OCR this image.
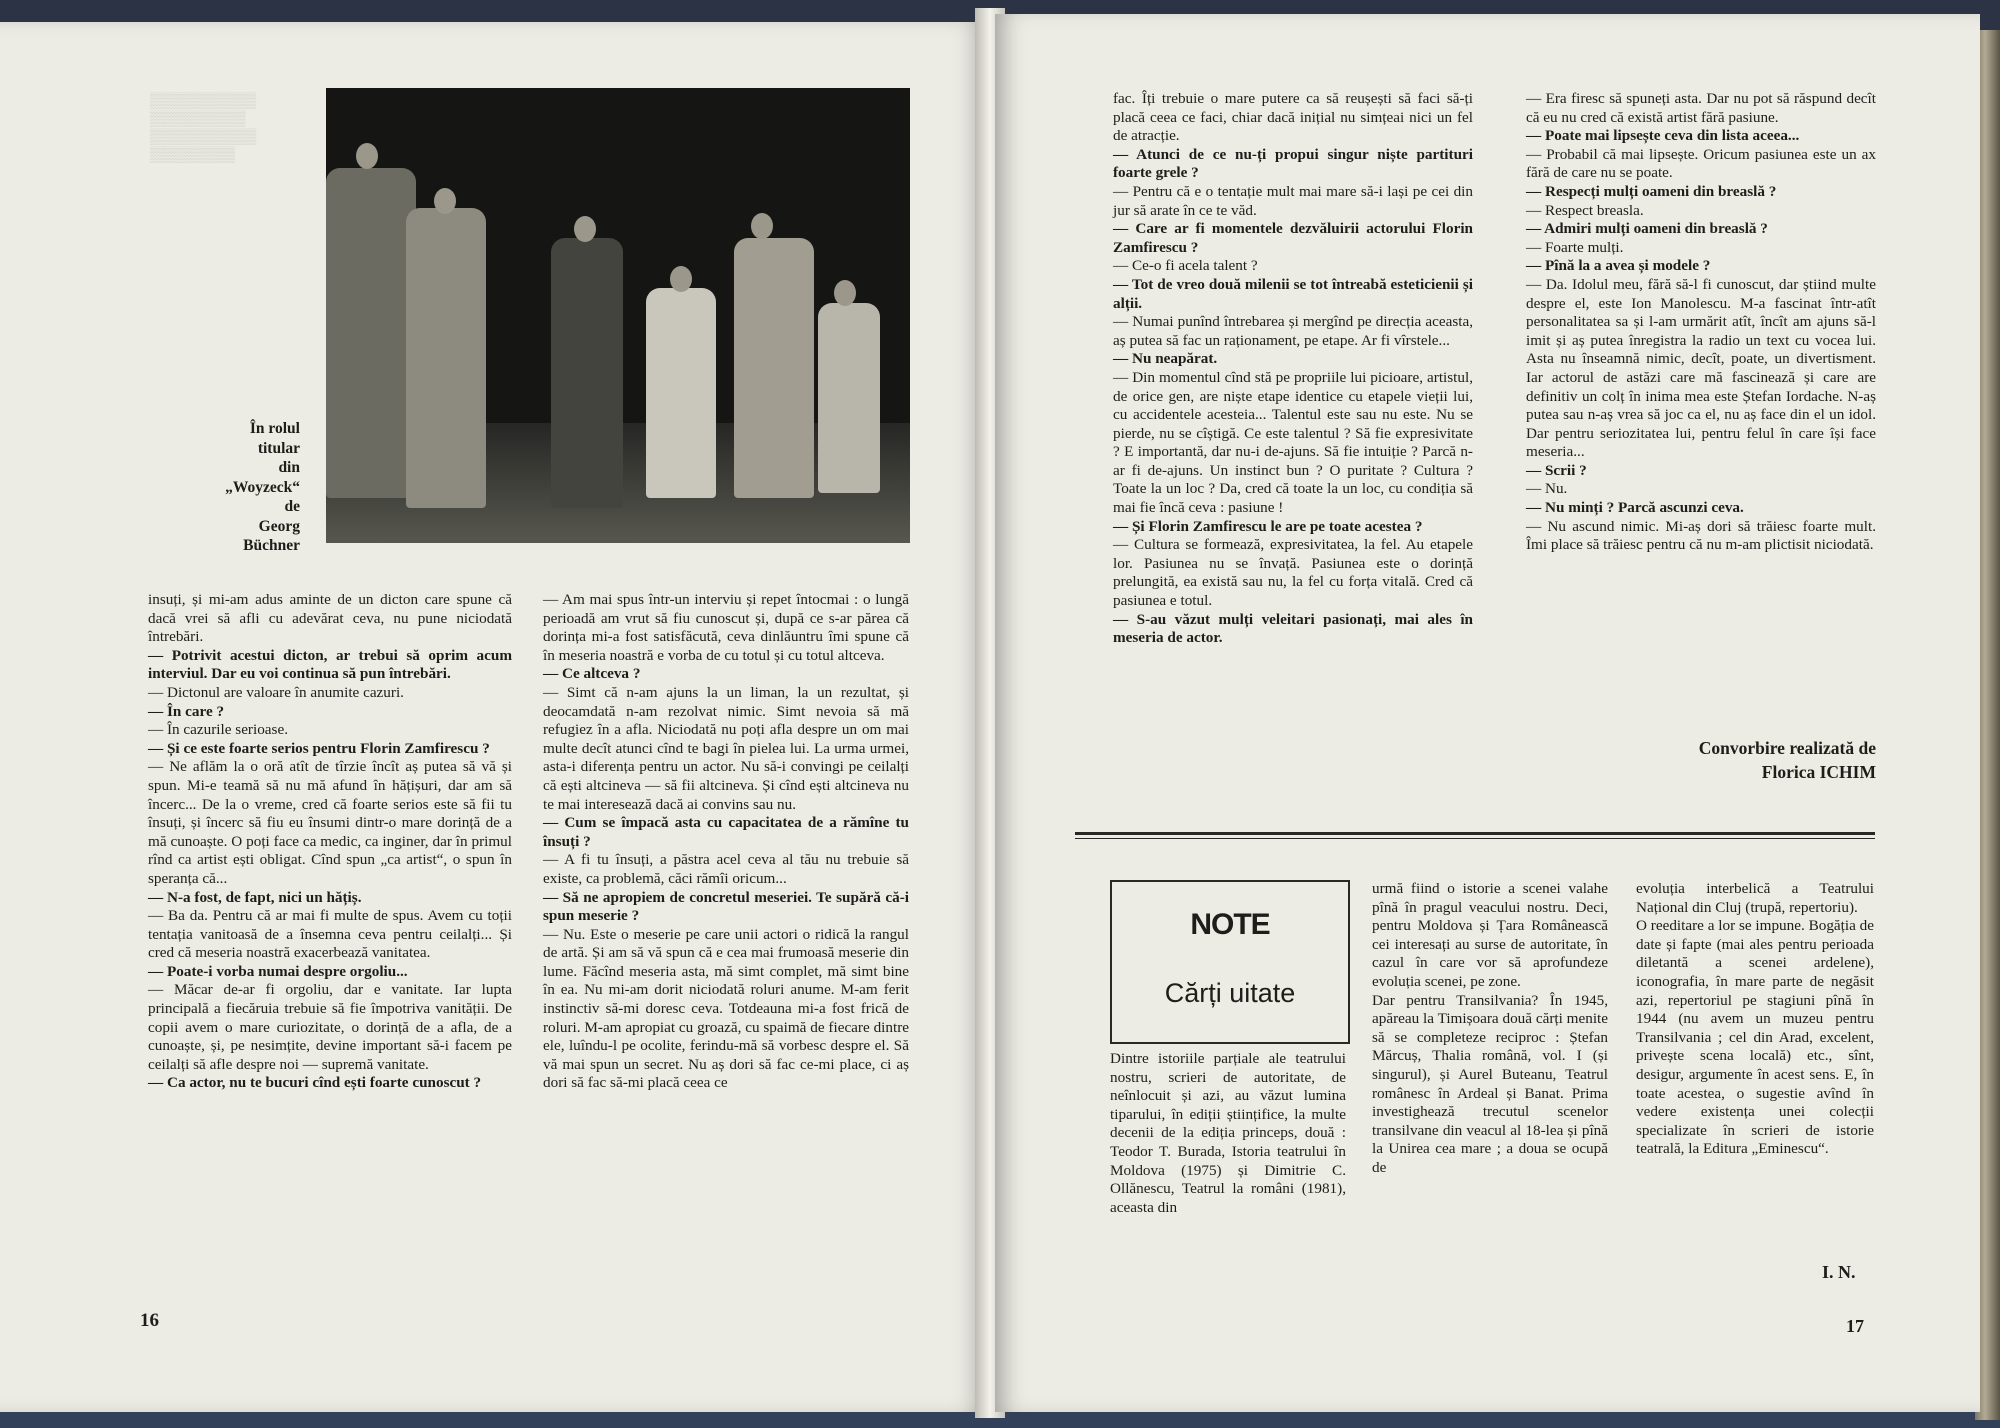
▒▒▒▒▒▒▒▒▒▒
▒▒▒▒▒▒▒▒▒
▒▒▒▒▒▒▒▒▒▒
▒▒▒▒▒▒▒▒
În rolul
titular
din
„Woyzeck“
de
Georg
Büchner

insuți, și mi-am adus aminte de un dicton care spune că dacă vrei să afli cu adevărat ceva, nu pune niciodată întrebări.

— Potrivit acestui dicton, ar trebui să oprim acum interviul. Dar eu voi continua să pun întrebări.

— Dictonul are valoare în anumite cazuri.

— În care ?

— În cazurile serioase.

— Și ce este foarte serios pentru Florin Zamfirescu ?

— Ne aflăm la o oră atît de tîrzie încît aș putea să vă și spun. Mi-e teamă să nu mă afund în hățișuri, dar am să încerc... De la o vreme, cred că foarte serios este să fii tu însuți, și încerc să fiu eu însumi dintr-o mare dorință de a mă cunoaște. O poți face ca medic, ca inginer, dar în primul rînd ca artist ești obligat. Cînd spun „ca artist“, o spun în speranța că...

— N-a fost, de fapt, nici un hățiș.

— Ba da. Pentru că ar mai fi multe de spus. Avem cu toții tentația vanitoasă de a însemna ceva pentru ceilalți... Și cred că meseria noastră exacerbează vanitatea.

— Poate-i vorba numai despre orgoliu...

— Măcar de-ar fi orgoliu, dar e vanitate. Iar lupta principală a fiecăruia trebuie să fie împotriva vanității. De copii avem o mare curiozitate, o dorință de a afla, de a cunoaște, și, pe nesimțite, devine important să-i facem pe ceilalți să afle despre noi — supremă vanitate.

— Ca actor, nu te bucuri cînd ești foarte cunoscut ?

— Am mai spus într-un interviu și repet întocmai : o lungă perioadă am vrut să fiu cunoscut și, după ce s-ar părea că dorința mi-a fost satisfăcută, ceva dinlăuntru îmi spune că în meseria noastră e vorba de cu totul și cu totul altceva.

— Ce altceva ?

— Simt că n-am ajuns la un liman, la un rezultat, și deocamdată n-am rezolvat nimic. Simt nevoia să mă refugiez în a afla. Niciodată nu poți afla despre un om mai multe decît atunci cînd te bagi în pielea lui. La urma urmei, asta-i diferența pentru un actor. Nu să-i convingi pe ceilalți că ești altcineva — să fii altcineva. Și cînd ești altcineva nu te mai interesează dacă ai convins sau nu.

— Cum se împacă asta cu capacitatea de a rămîne tu însuți ?

— A fi tu însuți, a păstra acel ceva al tău nu trebuie să existe, ca problemă, căci rămîi oricum...

— Să ne apropiem de concretul meseriei. Te supără că-i spun meserie ?

— Nu. Este o meserie pe care unii actori o ridică la rangul de artă. Și am să vă spun că e cea mai frumoasă meserie din lume. Făcînd meseria asta, mă simt complet, mă simt bine în ea. Nu mi-am dorit niciodată roluri anume. M-am ferit instinctiv să-mi doresc ceva. Totdeauna mi-a fost frică de roluri. M-am apropiat cu groază, cu spaimă de fiecare dintre ele, luîndu-l pe ocolite, ferindu-mă să vorbesc despre el. Să vă mai spun un secret. Nu aș dori să fac ce-mi place, ci aș dori să fac să-mi placă ceea ce

16

fac. Îți trebuie o mare putere ca să reușești să faci să-ți placă ceea ce faci, chiar dacă inițial nu simțeai nici un fel de atracție.

— Atunci de ce nu-ți propui singur niște partituri foarte grele ?

— Pentru că e o tentație mult mai mare să-i lași pe cei din jur să arate în ce te văd.

— Care ar fi momentele dezvăluirii actorului Florin Zamfirescu ?

— Ce-o fi acela talent ?

— Tot de vreo două milenii se tot întreabă esteticienii și alții.

— Numai punînd întrebarea și mergînd pe direcția aceasta, aș putea să fac un raționament, pe etape. Ar fi vîrstele...

— Nu neapărat.

— Din momentul cînd stă pe propriile lui picioare, artistul, de orice gen, are niște etape identice cu etapele vieții lui, cu accidentele acesteia... Talentul este sau nu este. Nu se pierde, nu se cîștigă. Ce este talentul ? Să fie expresivitate ? E importantă, dar nu-i de-ajuns. Să fie intuiție ? Parcă n-ar fi de-ajuns. Un instinct bun ? O puritate ? Cultura ? Toate la un loc ? Da, cred că toate la un loc, cu condiția să mai fie încă ceva : pasiune !

— Și Florin Zamfirescu le are pe toate acestea ?

— Cultura se formează, expresivitatea, la fel. Au etapele lor. Pasiunea nu se învață. Pasiunea este o dorință prelungită, ea există sau nu, la fel cu forța vitală. Cred că pasiunea e totul.

— S-au văzut mulți veleitari pasionați, mai ales în meseria de actor.

— Era firesc să spuneți asta. Dar nu pot să răspund decît că eu nu cred că există artist fără pasiune.

— Poate mai lipsește ceva din lista aceea...

— Probabil că mai lipsește. Oricum pasiunea este un ax fără de care nu se poate.

— Respecți mulți oameni din breaslă ?

— Respect breasla.

— Admiri mulți oameni din breaslă ?

— Foarte mulți.

— Pînă la a avea și modele ?

— Da. Idolul meu, fără să-l fi cunoscut, dar știind multe despre el, este Ion Manolescu. M-a fascinat într-atît personalitatea sa și l-am urmărit atît, încît am ajuns să-l imit și aș putea înregistra la radio un text cu vocea lui. Asta nu înseamnă nimic, decît, poate, un divertisment. Iar actorul de astăzi care mă fascinează și care are definitiv un colț în inima mea este Ștefan Iordache. N-aș putea sau n-aș vrea să joc ca el, nu aș face din el un idol. Dar pentru seriozitatea lui, pentru felul în care își face meseria...

— Scrii ?

— Nu.

— Nu minți ? Parcă ascunzi ceva.

— Nu ascund nimic. Mi-aș dori să trăiesc foarte mult. Îmi place să trăiesc pentru că nu m-am plictisit niciodată.

Convorbire realizată de
Florica ICHIM
NOTE
Cărți uitate
Dintre istoriile parțiale ale teatrului nostru, scrieri de autoritate, de neînlocuit și azi, au văzut lumina tiparului, în ediții științifice, la multe decenii de la ediția princeps, două : Teodor T. Burada, Istoria teatrului în Moldova (1975) și Dimitrie C. Ollănescu, Teatrul la români (1981), aceasta din
urmă fiind o istorie a scenei valahe pînă în pragul veacului nostru. Deci, pentru Moldova și Țara Românească cei interesați au surse de autoritate, în cazul în care vor să aprofundeze evoluția scenei, pe zone.
Dar pentru Transilvania? În 1945, apăreau la Timișoara două cărți menite să se completeze reciproc : Ștefan Mărcuș, Thalia română, vol. I (și singurul), și Aurel Buteanu, Teatrul românesc în Ardeal și Banat. Prima investighează trecutul scenelor transilvane din veacul al 18-lea și pînă la Unirea cea mare ; a doua se ocupă de
evoluția interbelică a Teatrului Național din Cluj (trupă, repertoriu).
O reeditare a lor se impune. Bogăția de date și fapte (mai ales pentru perioada diletantă a scenei ardelene), iconografia, în mare parte de negăsit azi, repertoriul pe stagiuni pînă în 1944 (nu avem un muzeu pentru Transilvania ; cel din Arad, excelent, privește scena locală) etc., sînt, desigur, argumente în acest sens. E, în toate acestea, o sugestie avînd în vedere existența unei colecții specializate în scrieri de istorie teatrală, la Editura „Eminescu“.
I. N.
17
